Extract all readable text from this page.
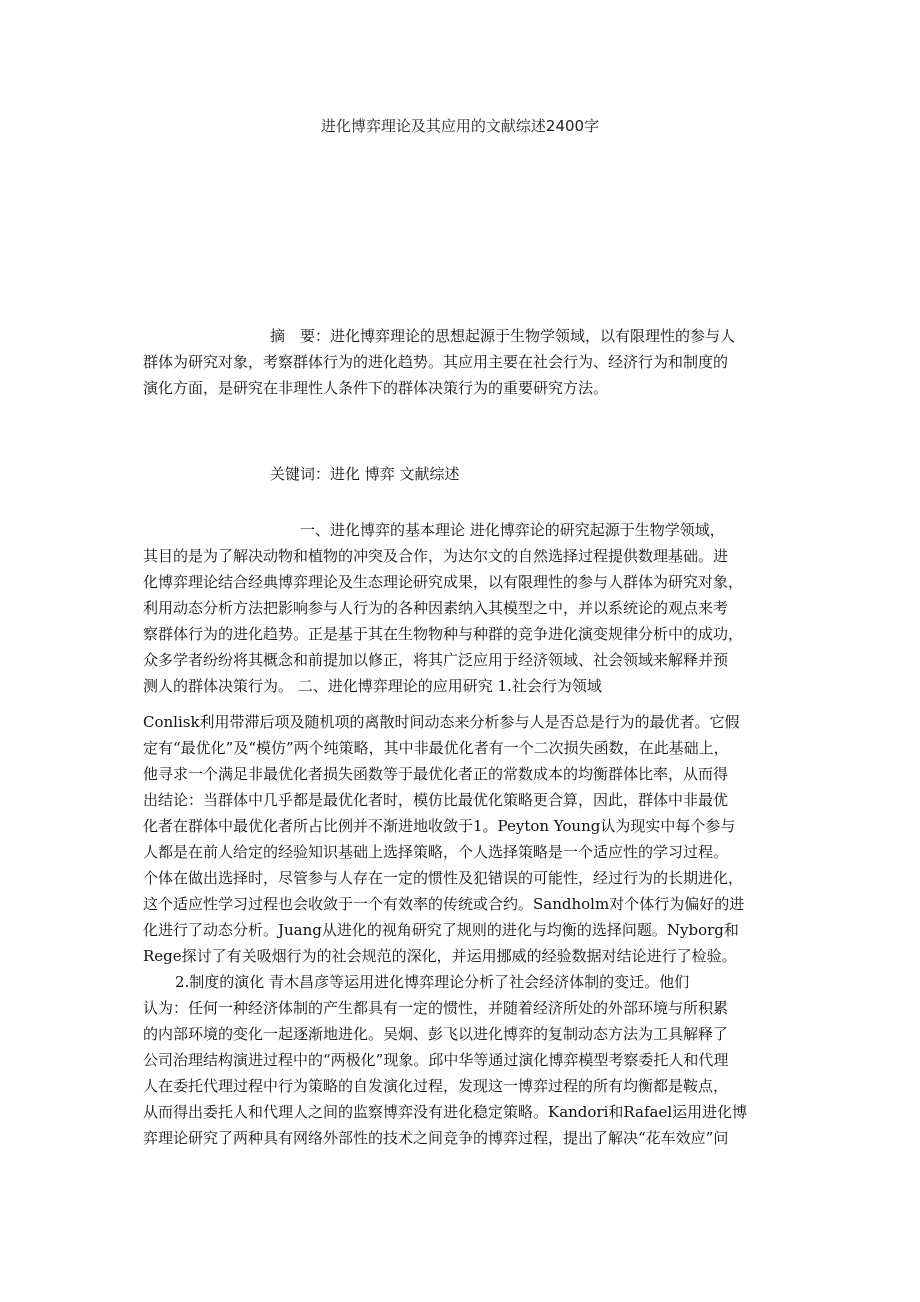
进化博弈理论及其应用的文献综述2400字
摘　要：进化博弈理论的思想起源于生物学领域，以有限理性的参与人
群体为研究对象，考察群体行为的进化趋势。其应用主要在社会行为、经济行为和制度的
演化方面，是研究在非理性人条件下的群体决策行为的重要研究方法。
关键词：进化 博弈 文献综述
一、进化博弈的基本理论 进化博弈论的研究起源于生物学领域，
其目的是为了解决动物和植物的冲突及合作，为达尔文的自然选择过程提供数理基础。进
化博弈理论结合经典博弈理论及生态理论研究成果，以有限理性的参与人群体为研究对象，
利用动态分析方法把影响参与人行为的各种因素纳入其模型之中，并以系统论的观点来考
察群体行为的进化趋势。正是基于其在生物物种与种群的竞争进化演变规律分析中的成功，
众多学者纷纷将其概念和前提加以修正，将其广泛应用于经济领域、社会领域来解释并预
测人的群体决策行为。 二、进化博弈理论的应用研究 1.社会行为领域
Conlisk利用带滞后项及随机项的离散时间动态来分析参与人是否总是行为的最优者。它假
定有“最优化”及“模仿”两个纯策略，其中非最优化者有一个二次损失函数，在此基础上，
他寻求一个满足非最优化者损失函数等于最优化者正的常数成本的均衡群体比率，从而得
出结论：当群体中几乎都是最优化者时，模仿比最优化策略更合算，因此，群体中非最优
化者在群体中最优化者所占比例并不渐进地收敛于1。Peyton Young认为现实中每个参与
人都是在前人给定的经验知识基础上选择策略，个人选择策略是一个适应性的学习过程。
个体在做出选择时，尽管参与人存在一定的惯性及犯错误的可能性，经过行为的长期进化，
这个适应性学习过程也会收敛于一个有效率的传统或合约。Sandholm对个体行为偏好的进
化进行了动态分析。Juang从进化的视角研究了规则的进化与均衡的选择问题。Nyborg和
Rege探讨了有关吸烟行为的社会规范的深化，并运用挪威的经验数据对结论进行了检验。
2.制度的演化 青木昌彦等运用进化博弈理论分析了社会经济体制的变迁。他们
认为：任何一种经济体制的产生都具有一定的惯性，并随着经济所处的外部环境与所积累
的内部环境的变化一起逐渐地进化。吴炯、彭飞以进化博弈的复制动态方法为工具解释了
公司治理结构演进过程中的“两极化”现象。邱中华等通过演化博弈模型考察委托人和代理
人在委托代理过程中行为策略的自发演化过程，发现这一博弈过程的所有均衡都是鞍点，
从而得出委托人和代理人之间的监察博弈没有进化稳定策略。Kandori和Rafael运用进化博
弈理论研究了两种具有网络外部性的技术之间竞争的博弈过程，提出了解决“花车效应”问
